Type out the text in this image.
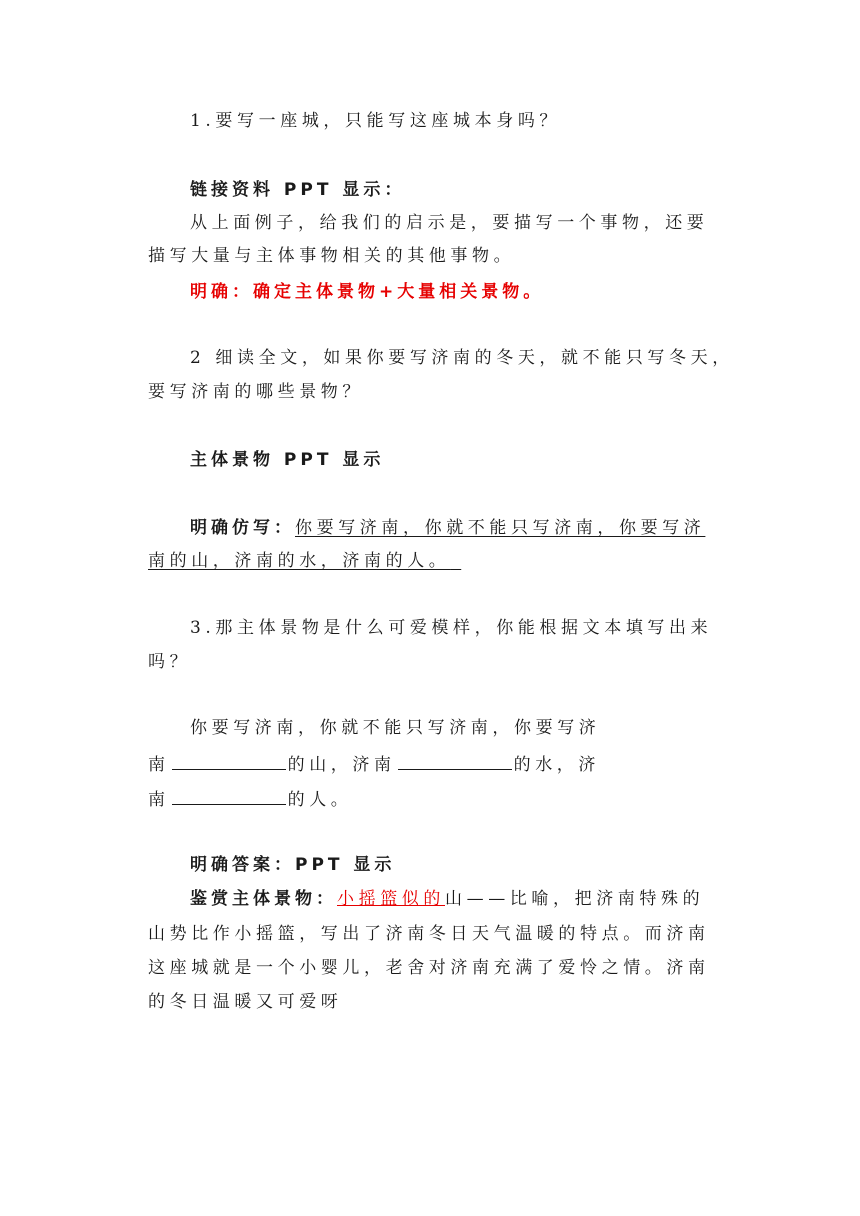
1.要写一座城，只能写这座城本身吗？
链接资料 PPT 显示：
从上面例子，给我们的启示是，要描写一个事物，还要
描写大量与主体事物相关的其他事物。
明确：确定主体景物+大量相关景物。
2 细读全文，如果你要写济南的冬天，就不能只写冬天，
要写济南的哪些景物？
主体景物 PPT 显示
明确仿写：你要写济南，你就不能只写济南，你要写济
南的山，济南的水，济南的人。
3.那主体景物是什么可爱模样，你能根据文本填写出来
吗？
你要写济南，你就不能只写济南，你要写济
南	的山，济南	的水，济
南	的人。
明确答案：PPT 显示
鉴赏主体景物：小摇篮似的山——比喻，把济南特殊的
山势比作小摇篮，写出了济南冬日天气温暖的特点。而济南
这座城就是一个小婴儿，老舍对济南充满了爱怜之情。济南
的冬日温暖又可爱呀
